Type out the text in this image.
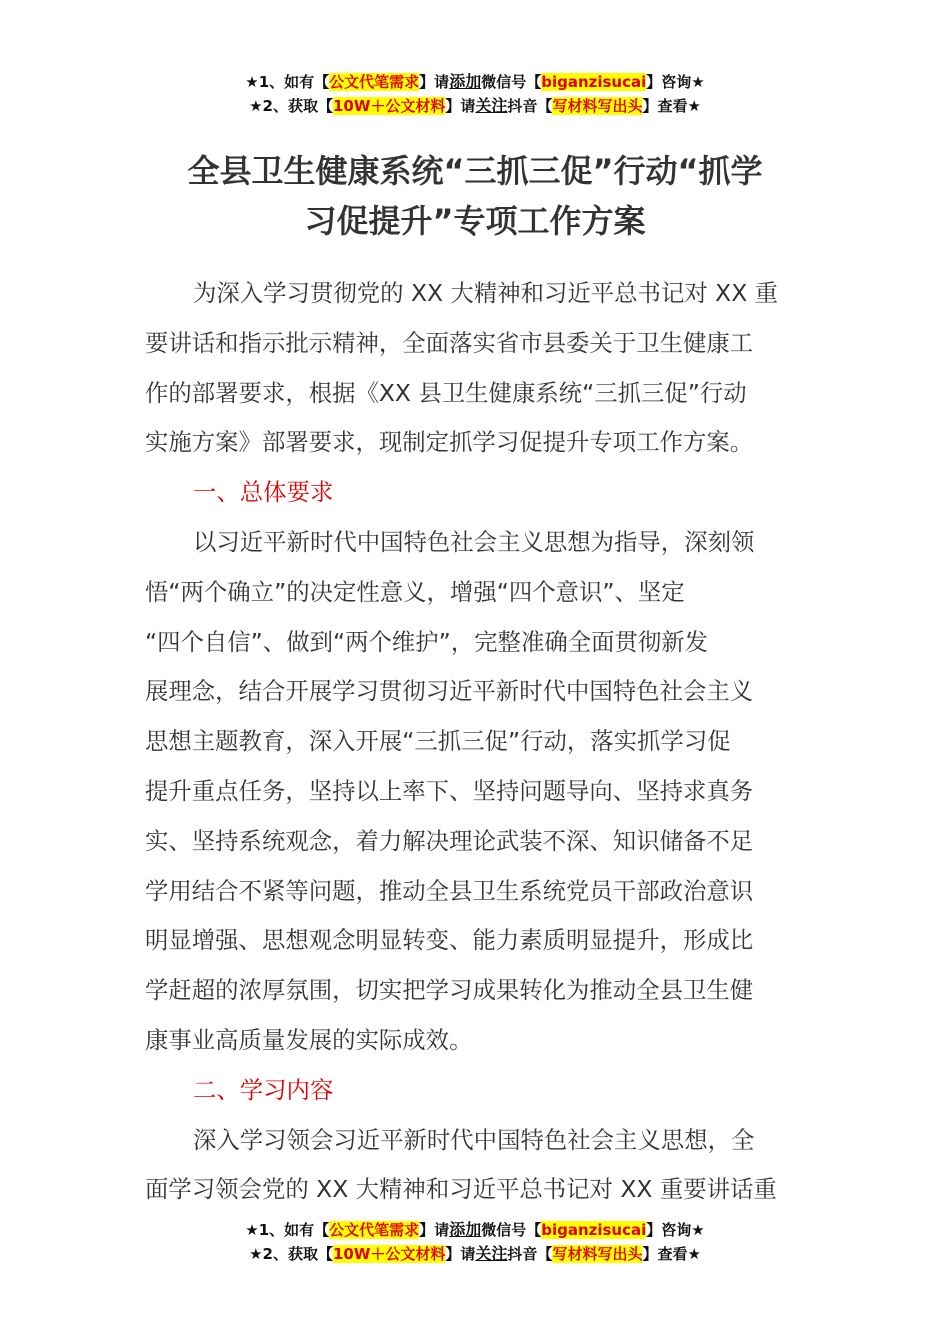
★1、如有【公文代笔需求】请添加微信号【biganzisucai】咨询★
★2、获取【10W＋公文材料】请关注抖音【写材料写出头】查看★
全县卫生健康系统“三抓三促”行动“抓学
习促提升”专项工作方案
为深入学习贯彻党的 XX 大精神和习近平总书记对 XX 重
要讲话和指示批示精神，全面落实省市县委关于卫生健康工
作的部署要求，根据《XX 县卫生健康系统“三抓三促”行动
实施方案》部署要求，现制定抓学习促提升专项工作方案。
一、总体要求
以习近平新时代中国特色社会主义思想为指导，深刻领
悟“两个确立”的决定性意义，增强“四个意识”、坚定
“四个自信”、做到“两个维护”，完整准确全面贯彻新发
展理念，结合开展学习贯彻习近平新时代中国特色社会主义
思想主题教育，深入开展“三抓三促”行动，落实抓学习促
提升重点任务，坚持以上率下、坚持问题导向、坚持求真务
实、坚持系统观念，着力解决理论武装不深、知识储备不足
学用结合不紧等问题，推动全县卫生系统党员干部政治意识
明显增强、思想观念明显转变、能力素质明显提升，形成比
学赶超的浓厚氛围，切实把学习成果转化为推动全县卫生健
康事业高质量发展的实际成效。
二、学习内容
深入学习领会习近平新时代中国特色社会主义思想，全
面学习领会党的 XX 大精神和习近平总书记对 XX 重要讲话重
★1、如有【公文代笔需求】请添加微信号【biganzisucai】咨询★
★2、获取【10W＋公文材料】请关注抖音【写材料写出头】查看★
